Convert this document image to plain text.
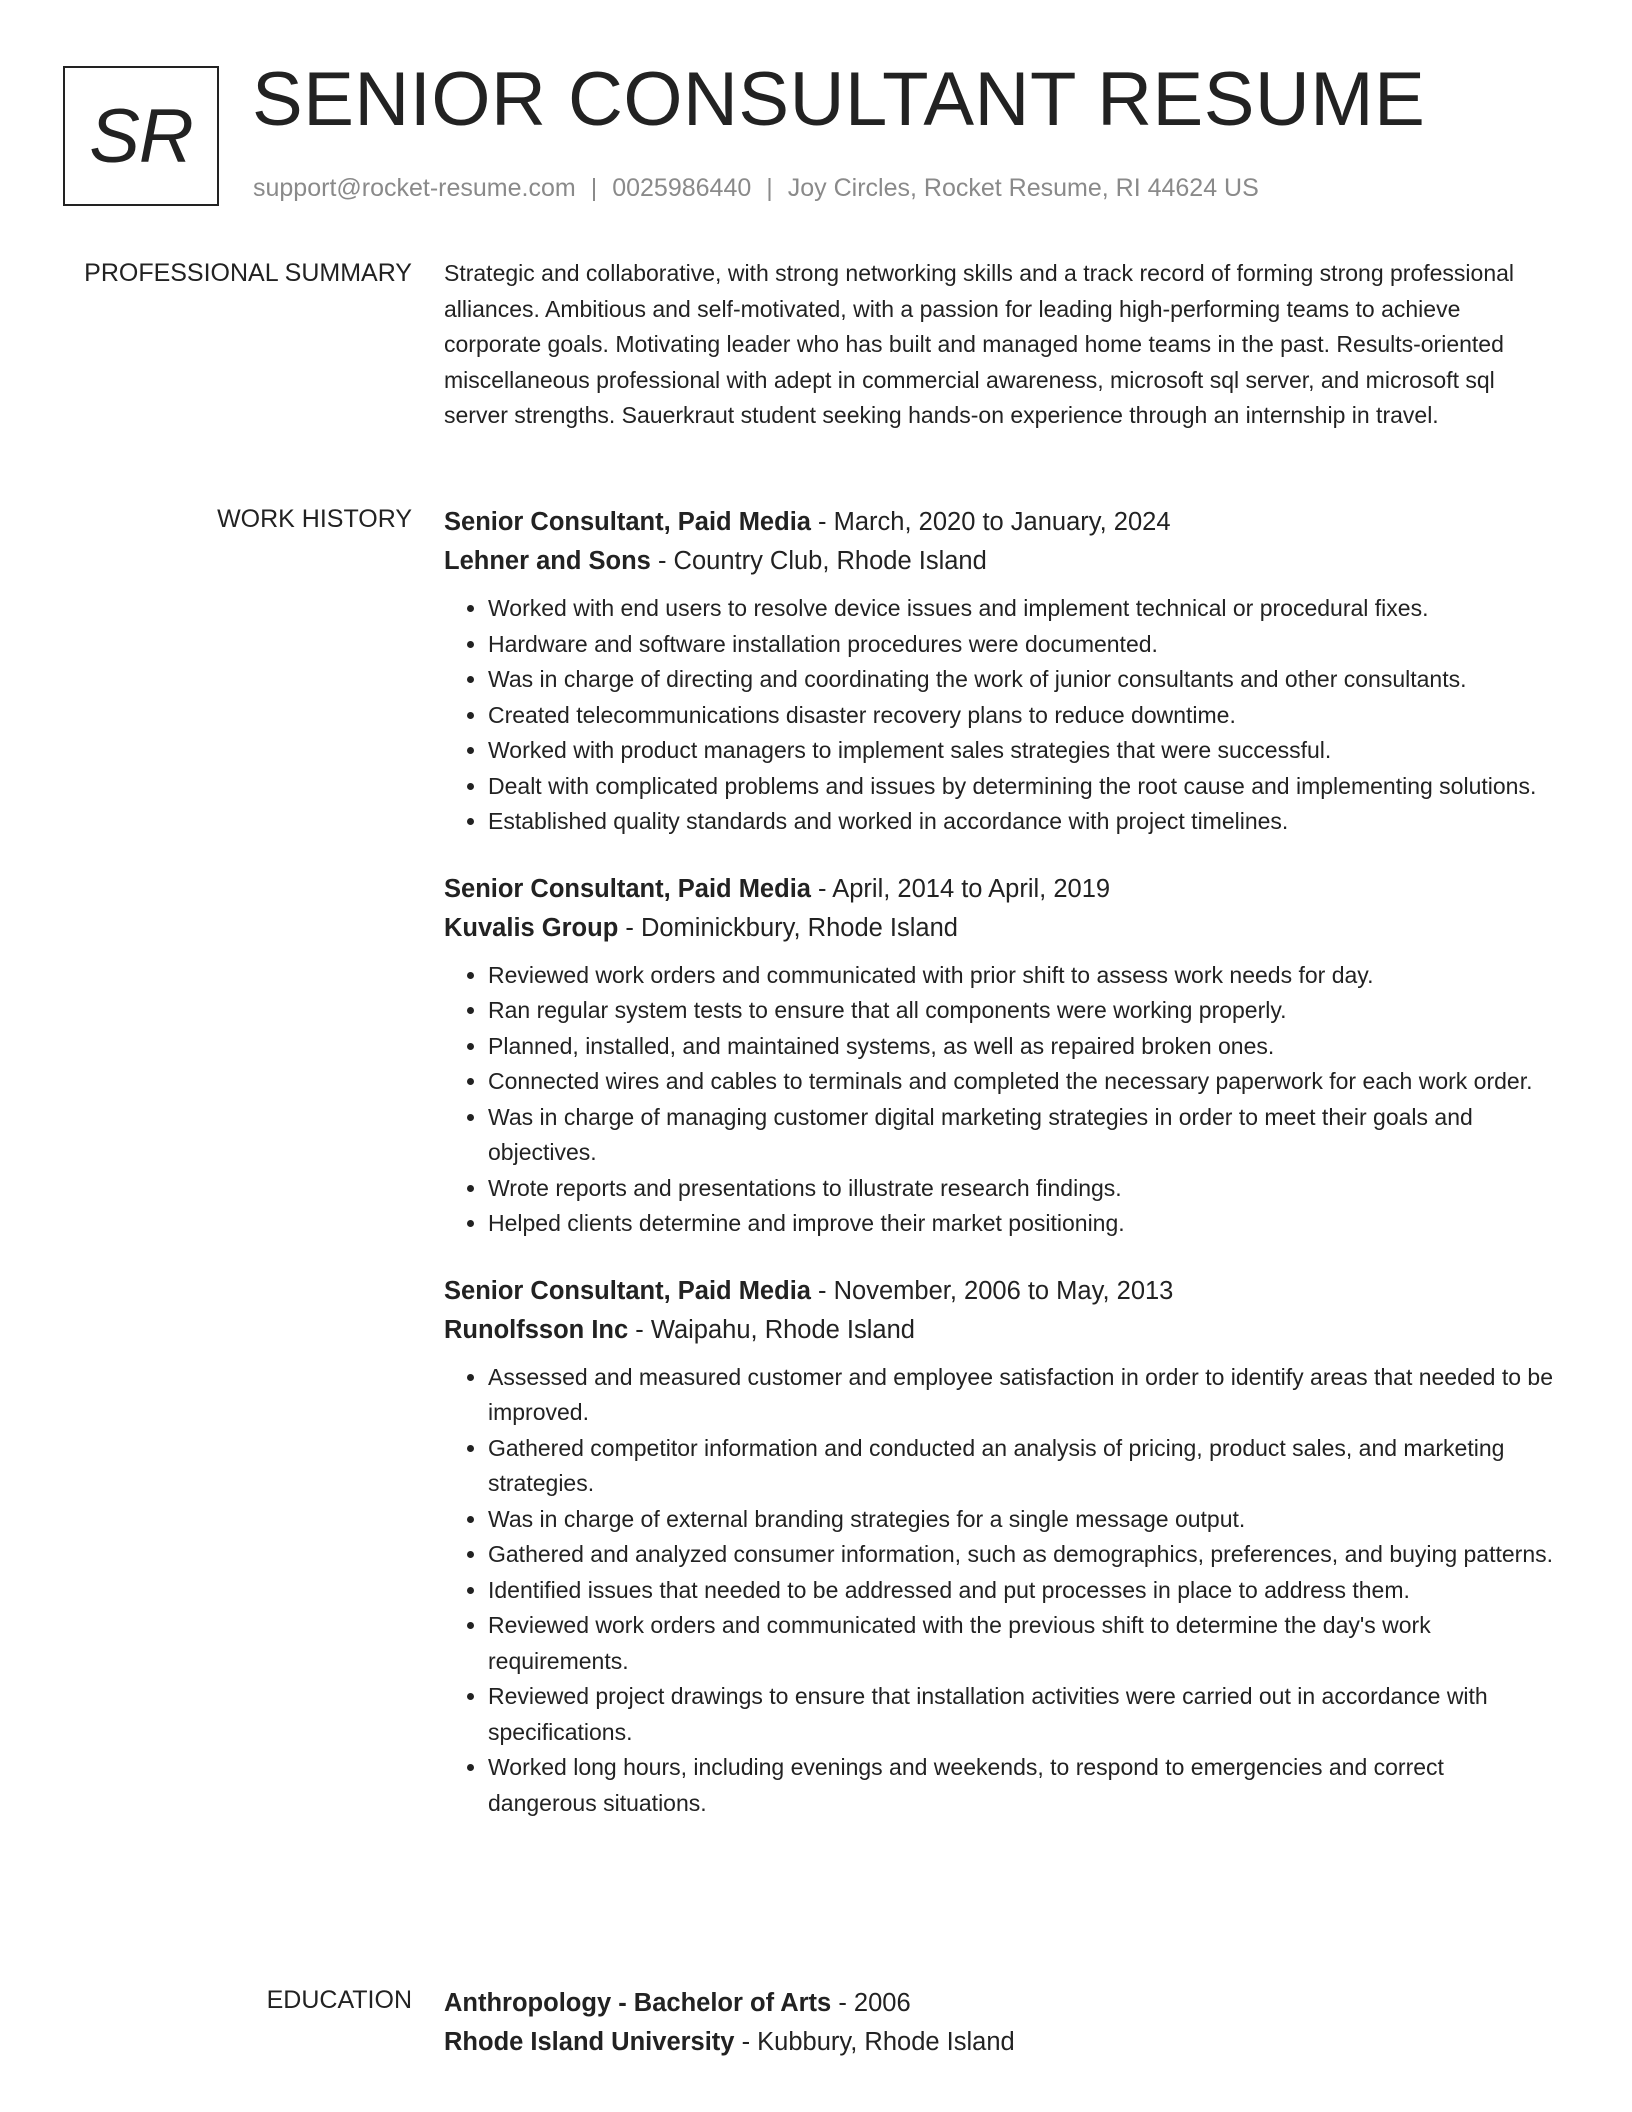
SR SENIOR CONSULTANT RESUME
support@rocket-resume.com | 0025986440 | Joy Circles, Rocket Resume, RI 44624 US
PROFESSIONAL SUMMARY Strategic and collaborative, with strong networking skills and a track record of forming strong professional alliances. Ambitious and self-motivated, with a passion for leading high-performing teams to achieve corporate goals. Motivating leader who has built and managed home teams in the past. Results-oriented miscellaneous professional with adept in commercial awareness, microsoft sql server, and microsoft sql server strengths. Sauerkraut student seeking hands-on experience through an internship in travel.

WORK HISTORY Senior Consultant, Paid Media - March, 2020 to January, 2024
Lehner and Sons - Country Club, Rhode Island
• Worked with end users to resolve device issues and implement technical or procedural fixes.
• Hardware and software installation procedures were documented.
• Was in charge of directing and coordinating the work of junior consultants and other consultants.
• Created telecommunications disaster recovery plans to reduce downtime.
• Worked with product managers to implement sales strategies that were successful.
• Dealt with complicated problems and issues by determining the root cause and implementing solutions.
• Established quality standards and worked in accordance with project timelines.
Senior Consultant, Paid Media - April, 2014 to April, 2019
Kuvalis Group - Dominickbury, Rhode Island
• Reviewed work orders and communicated with prior shift to assess work needs for day.
• Ran regular system tests to ensure that all components were working properly.
• Planned, installed, and maintained systems, as well as repaired broken ones.
• Connected wires and cables to terminals and completed the necessary paperwork for each work order.
• Was in charge of managing customer digital marketing strategies in order to meet their goals and objectives.
• Wrote reports and presentations to illustrate research findings.
• Helped clients determine and improve their market positioning.
Senior Consultant, Paid Media - November, 2006 to May, 2013
Runolfsson Inc - Waipahu, Rhode Island
• Assessed and measured customer and employee satisfaction in order to identify areas that needed to be improved.
• Gathered competitor information and conducted an analysis of pricing, product sales, and marketing strategies.
• Was in charge of external branding strategies for a single message output.
• Gathered and analyzed consumer information, such as demographics, preferences, and buying patterns.
• Identified issues that needed to be addressed and put processes in place to address them.
• Reviewed work orders and communicated with the previous shift to determine the day's work requirements.
• Reviewed project drawings to ensure that installation activities were carried out in accordance with specifications.
• Worked long hours, including evenings and weekends, to respond to emergencies and correct dangerous situations.
EDUCATION Anthropology - Bachelor of Arts - 2006
Rhode Island University - Kubbury, Rhode Island
